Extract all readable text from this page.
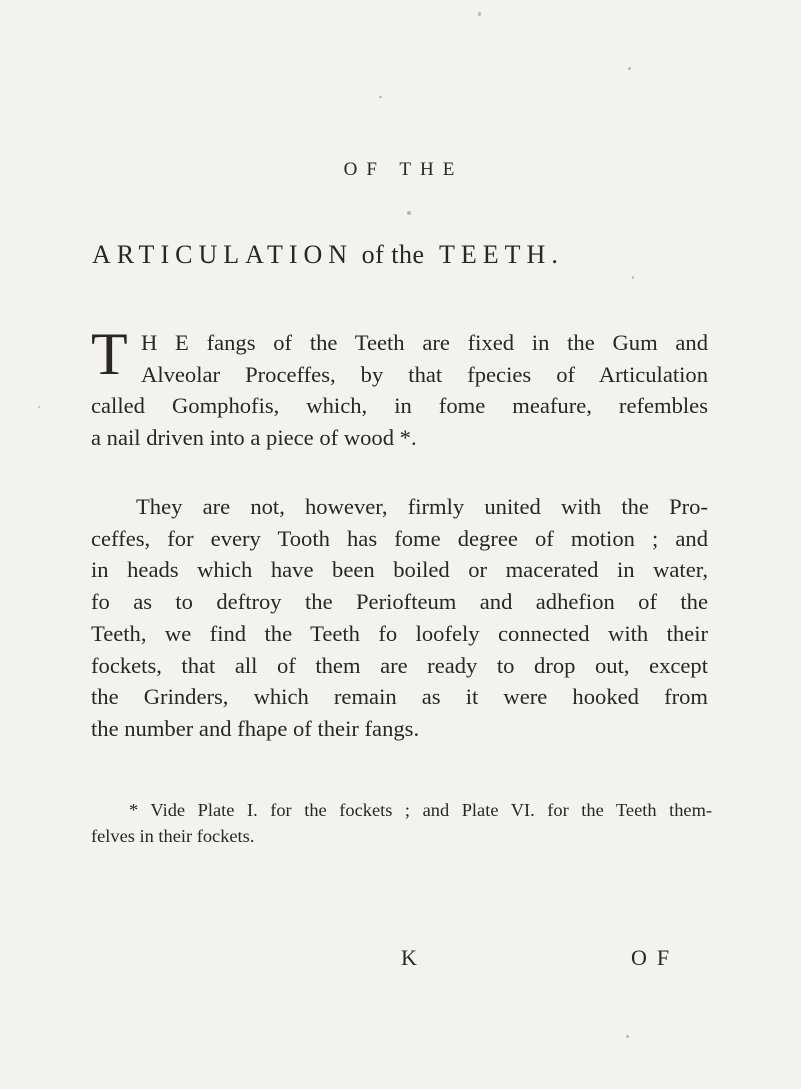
OF THE
ARTICULATION of the TEETH.
T H E fangs of the Teeth are fixed in the Gum and
Alveolar Proceffes, by that fpecies of Articulation
called Gomphofis, which, in fome meafure, refembles
a nail driven into a piece of wood *.
They are not, however, firmly united with the Pro-
ceffes, for every Tooth has fome degree of motion ; and
in heads which have been boiled or macerated in water,
fo as to deftroy the Periofteum and adhefion of the
Teeth, we find the Teeth fo loofely connected with their
fockets, that all of them are ready to drop out, except
the Grinders, which remain as it were hooked from
the number and fhape of their fangs.
* Vide Plate I. for the fockets ; and Plate VI. for the Teeth them-
felves in their fockets.
K	OF
